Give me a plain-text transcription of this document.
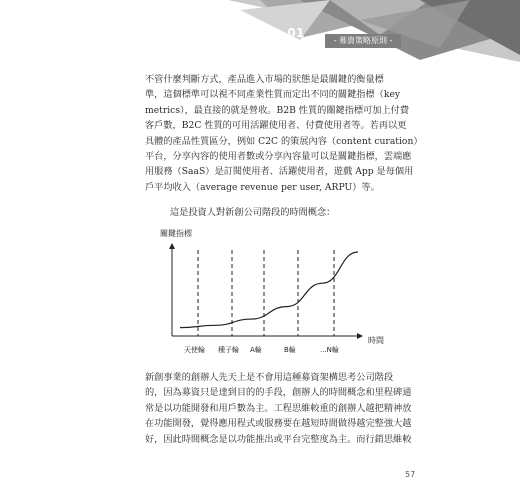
Chapter01
- 募資策略原則 -
不管什麼判斷方式，產品進入市場的狀態是最關鍵的衡量標
準，這個標準可以視不同產業性質而定出不同的關鍵指標（key
metrics），最直接的就是營收。B2B 性質的關鍵指標可加上付費
客戶數，B2C 性質的可用活躍使用者、付費使用者等。若再以更
具體的產品性質區分，例如 C2C 的策展內容（content curation）
平台，分享內容的使用者數或分享內容量可以是關鍵指標，雲端應
用服務（SaaS）是訂閱使用者、活躍使用者，遊戲 App 是每個用
戶平均收入（average revenue per user, ARPU）等。

這是投資人對新創公司階段的時間概念：

關鍵指標
時間
天使輪 種子輪 A輪	B輪	...N輪
新創事業的創辦人先天上是不會用這種募資架構思考公司階段
的，因為募資只是達到目的的手段，創辦人的時間概念和里程碑通
常是以功能開發和用戶數為主。工程思維較重的創辦人越把精神放
在功能開發，覺得應用程式或服務要在越短時間做得越完整強大越
好，因此時間概念是以功能推出或平台完整度為主。而行銷思維較
57
